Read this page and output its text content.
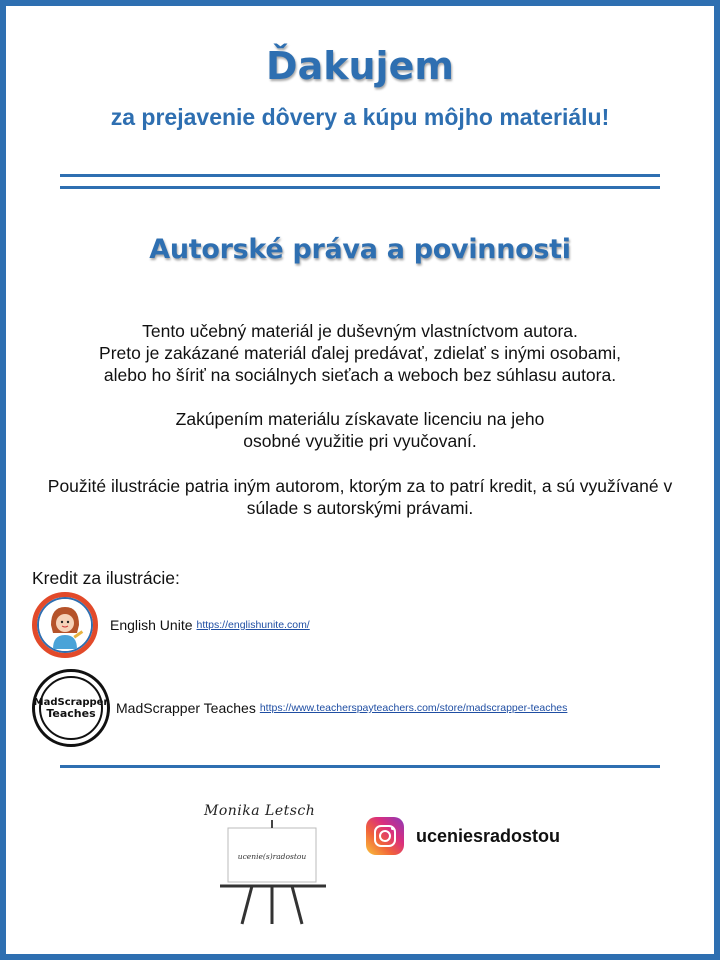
Ďakujem
za prejavenie dôvery a kúpu môjho materiálu!
Autorské práva a povinnosti
Tento učebný materiál je duševným vlastníctvom autora.
Preto je zakázané materiál ďalej predávať, zdielať s inými osobami,
alebo ho šíriť na sociálnych sieťach a weboch bez súhlasu autora.
Zakúpením materiálu získavate licenciu na jeho
osobné využitie pri vyučovaní.
Použité ilustrácie patria iným autorom, ktorým za to patrí kredit, a sú využívané v
súlade s autorskými právami.
Kredit za ilustrácie:
English Unite https://englishunite.com/
MadScrapper
Teaches MadScrapper Teaches https://www.teacherspayteachers.com/store/madscrapper-teaches
Monika Letsch
ucenie(s)radostou
uceniesradostou
